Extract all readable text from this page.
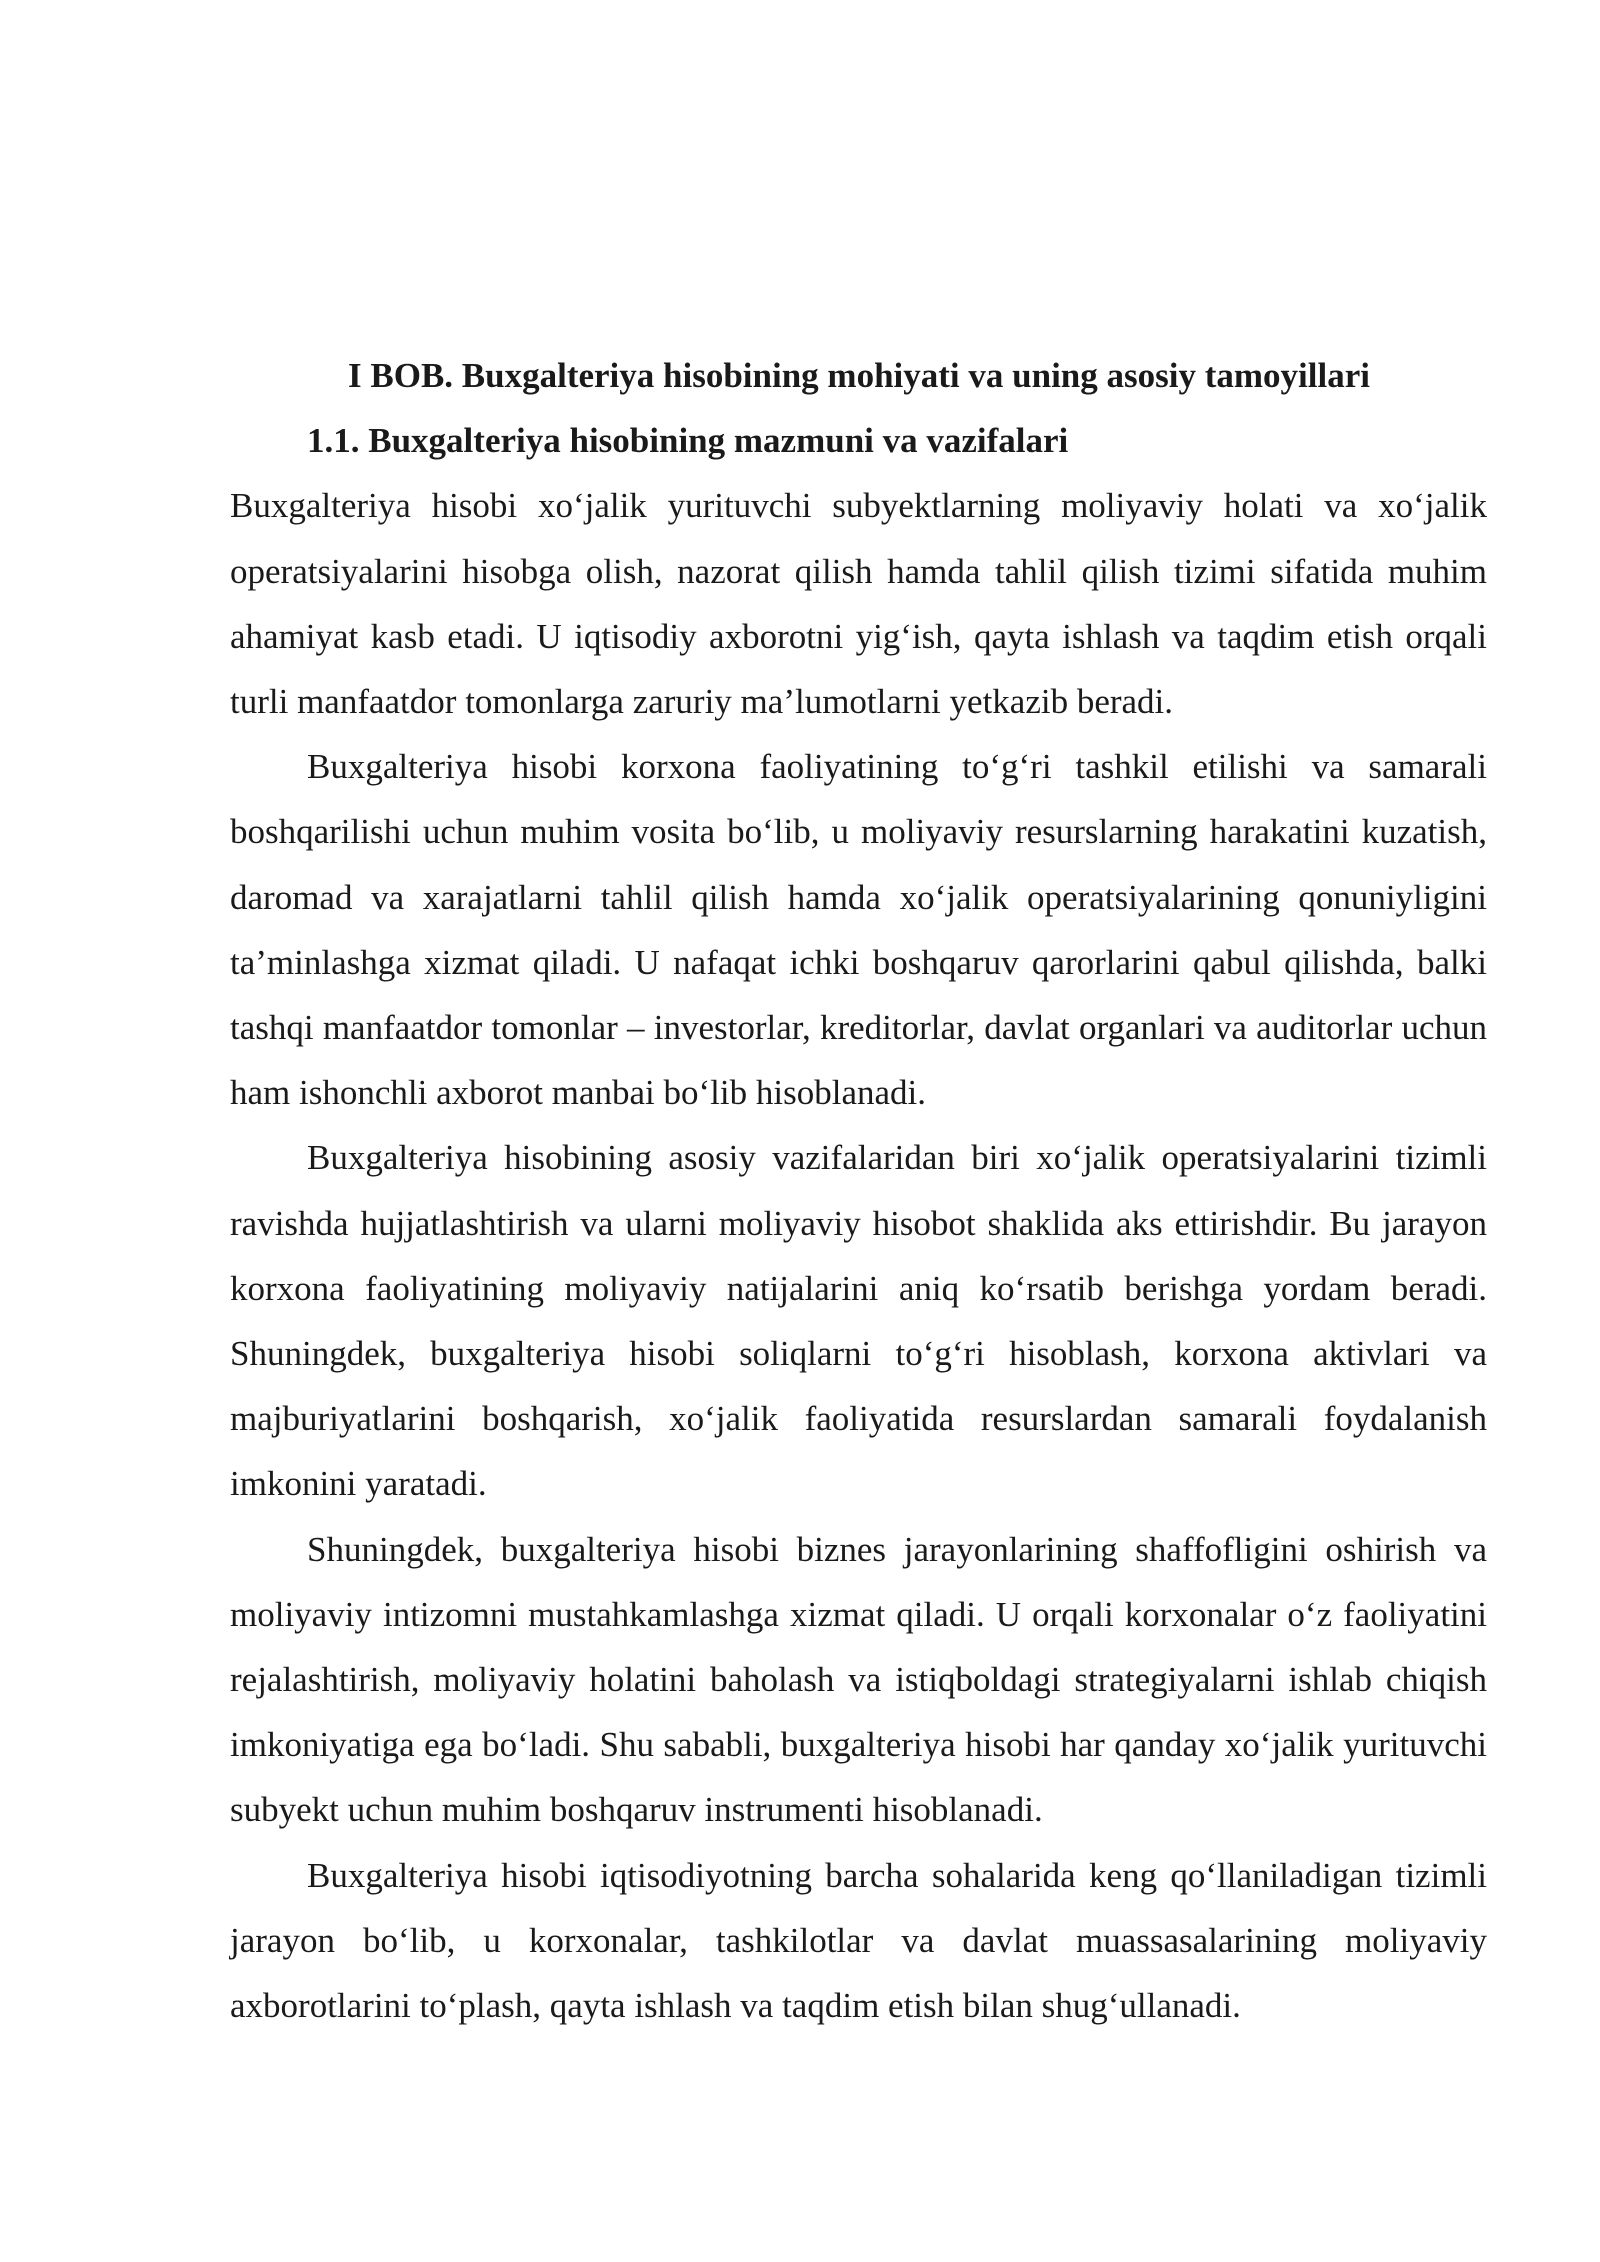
I BOB. Buxgalteriya hisobining mohiyati va uning asosiy tamoyillari
1.1. Buxgalteriya hisobining mazmuni va vazifalari

Buxgalteriya hisobi xo‘jalik yurituvchi subyektlarning moliyaviy holati va xo‘jalik operatsiyalarini hisobga olish, nazorat qilish hamda tahlil qilish tizimi sifatida muhim ahamiyat kasb etadi. U iqtisodiy axborotni yig‘ish, qayta ishlash va taqdim etish orqali turli manfaatdor tomonlarga zaruriy ma’lumotlarni yetkazib beradi.

Buxgalteriya hisobi korxona faoliyatining to‘g‘ri tashkil etilishi va samarali boshqarilishi uchun muhim vosita bo‘lib, u moliyaviy resurslarning harakatini kuzatish, daromad va xarajatlarni tahlil qilish hamda xo‘jalik operatsiyalarining qonuniyligini ta’minlashga xizmat qiladi. U nafaqat ichki boshqaruv qarorlarini qabul qilishda, balki tashqi manfaatdor tomonlar – investorlar, kreditorlar, davlat organlari va auditorlar uchun ham ishonchli axborot manbai bo‘lib hisoblanadi.

Buxgalteriya hisobining asosiy vazifalaridan biri xo‘jalik operatsiyalarini tizimli ravishda hujjatlashtirish va ularni moliyaviy hisobot shaklida aks ettirishdir. Bu jarayon korxona faoliyatining moliyaviy natijalarini aniq ko‘rsatib berishga yordam beradi. Shuningdek, buxgalteriya hisobi soliqlarni to‘g‘ri hisoblash, korxona aktivlari va majburiyatlarini boshqarish, xo‘jalik faoliyatida resurslardan samarali foydalanish imkonini yaratadi.

Shuningdek, buxgalteriya hisobi biznes jarayonlarining shaffofligini oshirish va moliyaviy intizomni mustahkamlashga xizmat qiladi. U orqali korxonalar o‘z faoliyatini rejalashtirish, moliyaviy holatini baholash va istiqboldagi strategiyalarni ishlab chiqish imkoniyatiga ega bo‘ladi. Shu sababli, buxgalteriya hisobi har qanday xo‘jalik yurituvchi subyekt uchun muhim boshqaruv instrumenti hisoblanadi.

Buxgalteriya hisobi iqtisodiyotning barcha sohalarida keng qo‘llaniladigan tizimli jarayon bo‘lib, u korxonalar, tashkilotlar va davlat muassasalarining moliyaviy axborotlarini to‘plash, qayta ishlash va taqdim etish bilan shug‘ullanadi.
